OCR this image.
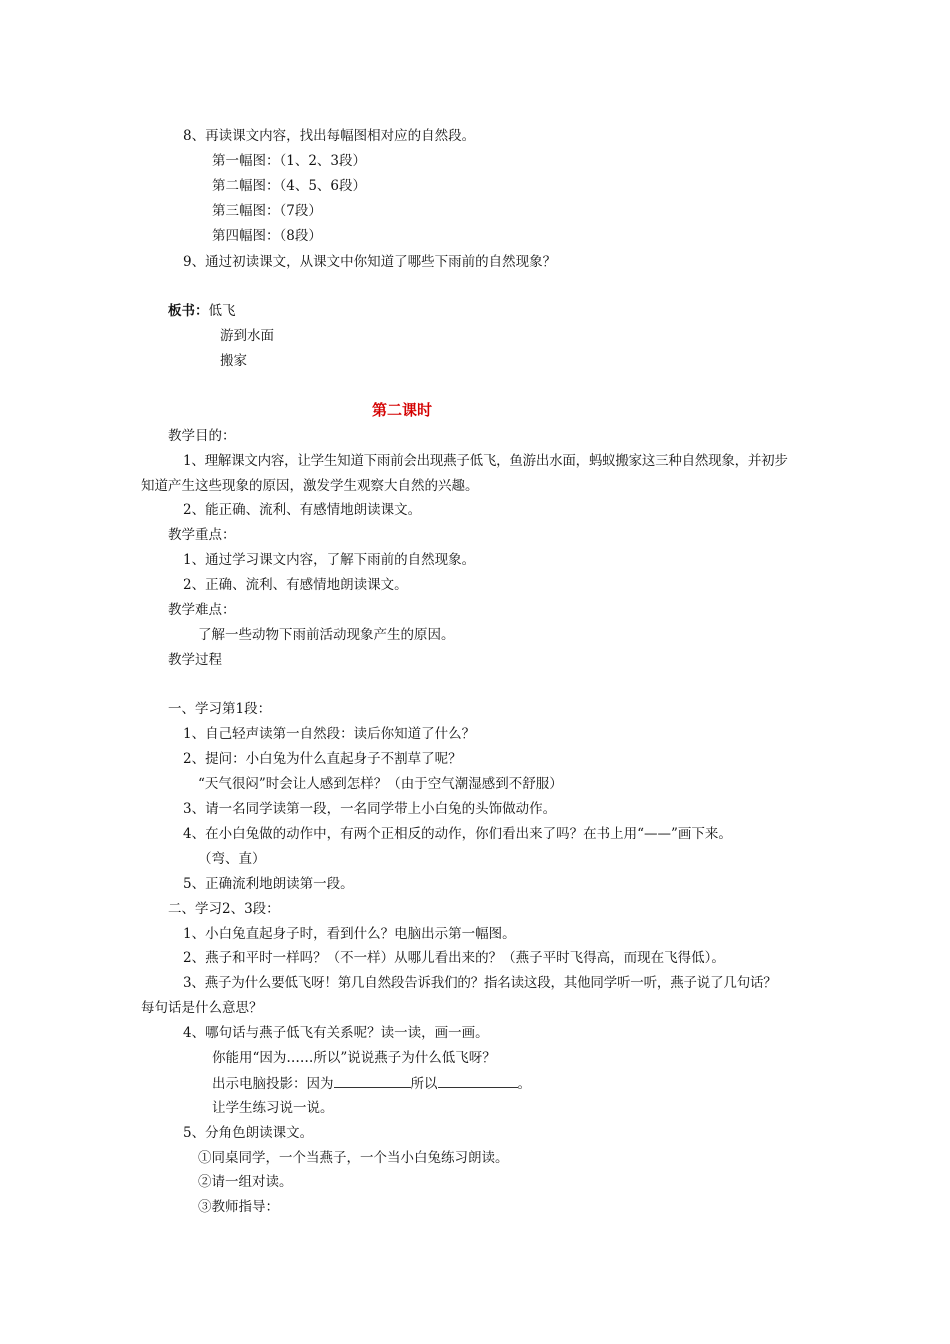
8、再读课文内容，找出每幅图相对应的自然段。
第一幅图：（1、2、3段）
第二幅图：（4、5、6段）
第三幅图：（7段）
第四幅图：（8段）
9、通过初读课文，从课文中你知道了哪些下雨前的自然现象？
板书：低飞
游到水面
搬家
第二课时
教学目的：
1、理解课文内容，让学生知道下雨前会出现燕子低飞，鱼游出水面，蚂蚁搬家这三种自然现象，并初步
知道产生这些现象的原因，激发学生观察大自然的兴趣。
2、能正确、流利、有感情地朗读课文。
教学重点：
1、通过学习课文内容，了解下雨前的自然现象。
2、正确、流利、有感情地朗读课文。
教学难点：
了解一些动物下雨前活动现象产生的原因。
教学过程
一、学习第1段：
1、自己轻声读第一自然段：读后你知道了什么？
2、提问：小白兔为什么直起身子不割草了呢？
“天气很闷”时会让人感到怎样？（由于空气潮湿感到不舒服）
3、请一名同学读第一段，一名同学带上小白兔的头饰做动作。
4、在小白兔做的动作中，有两个正相反的动作，你们看出来了吗？在书上用“——”画下来。
（弯、直）
5、正确流利地朗读第一段。
二、学习2、3段：
1、小白兔直起身子时，看到什么？电脑出示第一幅图。
2、燕子和平时一样吗？（不一样）从哪儿看出来的？（燕子平时飞得高，而现在飞得低）。
3、燕子为什么要低飞呀！第几自然段告诉我们的？指名读这段，其他同学听一听，燕子说了几句话？
每句话是什么意思？
4、哪句话与燕子低飞有关系呢？读一读，画一画。
你能用“因为……所以”说说燕子为什么低飞呀？
出示电脑投影：因为	所以	。
让学生练习说一说。
5、分角色朗读课文。
①同桌同学，一个当燕子，一个当小白兔练习朗读。
②请一组对读。
③教师指导：
